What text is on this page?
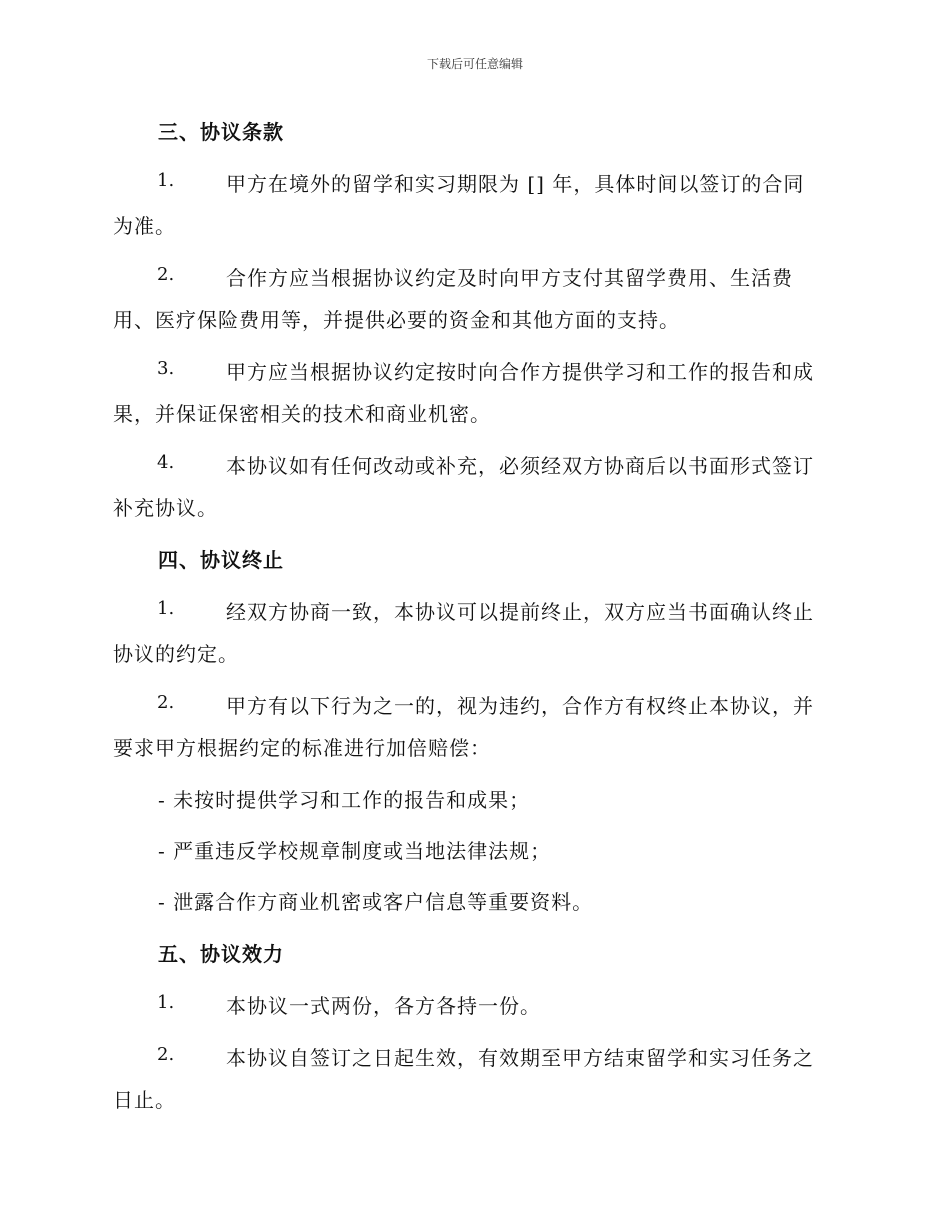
下载后可任意编辑
三、协议条款
1.	甲方在境外的留学和实习期限为 [] 年，具体时间以签订的合同
为准。
2.	合作方应当根据协议约定及时向甲方支付其留学费用、生活费
用、医疗保险费用等，并提供必要的资金和其他方面的支持。
3.	甲方应当根据协议约定按时向合作方提供学习和工作的报告和成
果，并保证保密相关的技术和商业机密。
4.	本协议如有任何改动或补充，必须经双方协商后以书面形式签订
补充协议。
四、协议终止
1.	经双方协商一致，本协议可以提前终止，双方应当书面确认终止
协议的约定。
2.	甲方有以下行为之一的，视为违约，合作方有权终止本协议，并
要求甲方根据约定的标准进行加倍赔偿：
- 未按时提供学习和工作的报告和成果；
- 严重违反学校规章制度或当地法律法规；
- 泄露合作方商业机密或客户信息等重要资料。
五、协议效力
1.	本协议一式两份，各方各持一份。
2.	本协议自签订之日起生效，有效期至甲方结束留学和实习任务之
日止。
